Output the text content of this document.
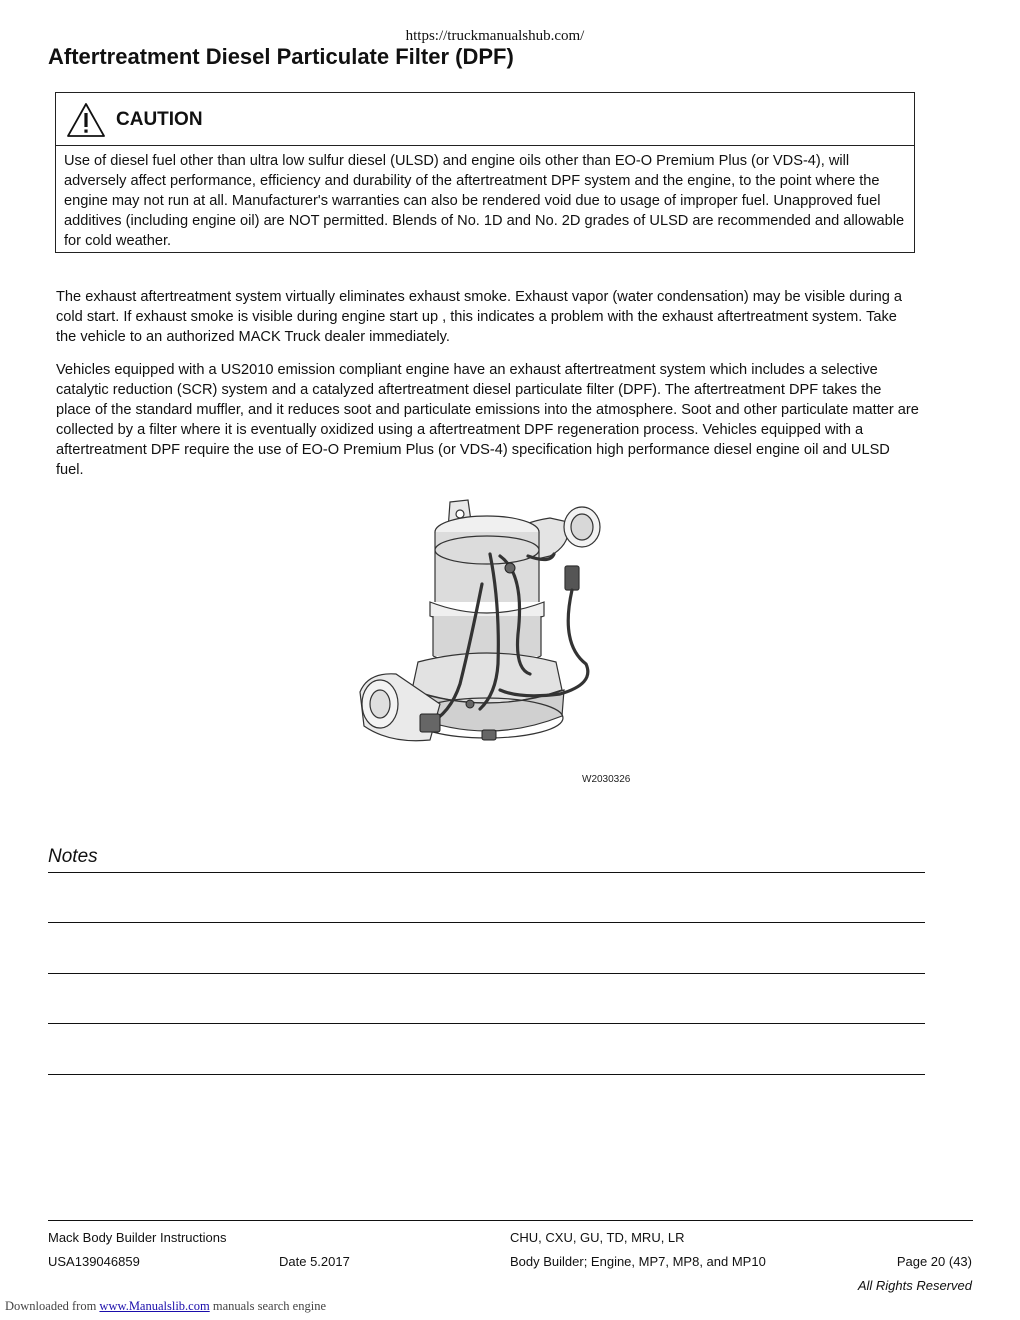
https://truckmanualshub.com/
Aftertreatment Diesel Particulate Filter (DPF)
CAUTION
Use of diesel fuel other than ultra low sulfur diesel (ULSD) and engine oils other than EO-O Premium Plus (or VDS-4), will adversely affect performance, efficiency and durability of the aftertreatment DPF system and the engine, to the point where the engine may not run at all. Manufacturer's warranties can also be rendered void due to usage of improper fuel. Unapproved fuel additives (including engine oil) are NOT permitted. Blends of No. 1D and No. 2D grades of ULSD are recommended and allowable for cold weather.
The exhaust aftertreatment system virtually eliminates exhaust smoke. Exhaust vapor (water condensation) may be visible during a cold start. If exhaust smoke is visible during engine start up , this indicates a problem with the exhaust aftertreatment system. Take the vehicle to an authorized MACK Truck dealer immediately.
Vehicles equipped with a US2010 emission compliant engine have an exhaust aftertreatment system which includes a selective catalytic reduction (SCR) system and a catalyzed aftertreatment diesel particulate filter (DPF). The aftertreatment DPF takes the place of the standard muffler, and it reduces soot and particulate emissions into the atmosphere. Soot and other particulate matter are collected by a filter where it is eventually oxidized using a aftertreatment DPF regeneration process. Vehicles equipped with a aftertreatment DPF require the use of EO-O Premium Plus (or VDS-4) specification high performance diesel engine oil and ULSD fuel.
W2030326
Notes
Mack Body Builder Instructions	CHU, CXU, GU, TD, MRU, LR
USA139046859	Date 5.2017	Body Builder; Engine, MP7, MP8, and MP10	Page 20 (43)
All Rights Reserved
Downloaded from www.Manualslib.com manuals search engine
